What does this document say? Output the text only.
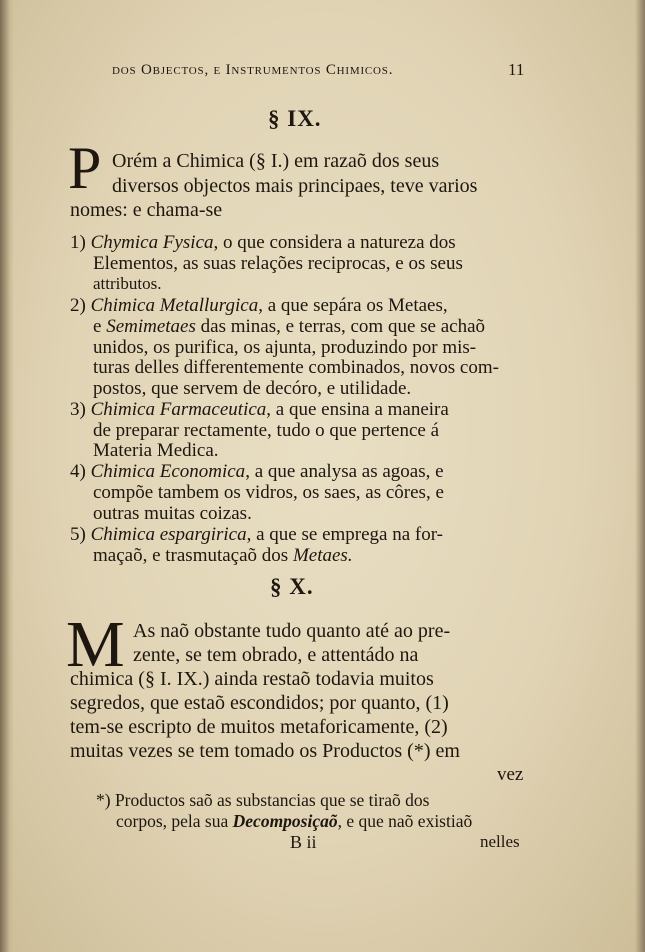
dos Objectos, e Instrumentos Chimicos.	11
§ IX.
P Orém a Chimica (§ I.) em razaõ dos seus
diversos objectos mais principaes, teve varios
nomes: e chama-se
1) Chymica Fysica, o que considera a natureza dos
Elementos, as suas relações reciprocas, e os seus
attributos.
2) Chimica Metallurgica, a que sepára os Metaes,
e Semimetaes das minas, e terras, com que se achaõ
unidos, os purifica, os ajunta, produzindo por mis-
turas delles differentemente combinados, novos com-
postos, que servem de decóro, e utilidade.
3) Chimica Farmaceutica, a que ensina a maneira
de preparar rectamente, tudo o que pertence á
Materia Medica.
4) Chimica Economica, a que analysa as agoas, e
compõe tambem os vidros, os saes, as côres, e
outras muitas coizas.
5) Chimica espargirica, a que se emprega na for-
maçaõ, e trasmutaçaõ dos Metaes.
§ X.
M As naõ obstante tudo quanto até ao pre-
zente, se tem obrado, e attentádo na
chimica (§ I. IX.) ainda restaõ todavia muitos
segredos, que estaõ escondidos; por quanto, (1)
tem-se escripto de muitos metaforicamente, (2)
muitas vezes se tem tomado os Productos (*) em
vez
*) Productos saõ as substancias que se tiraõ dos
corpos, pela sua Decomposiçaõ, e que naõ existiaõ
B ii	nelles
